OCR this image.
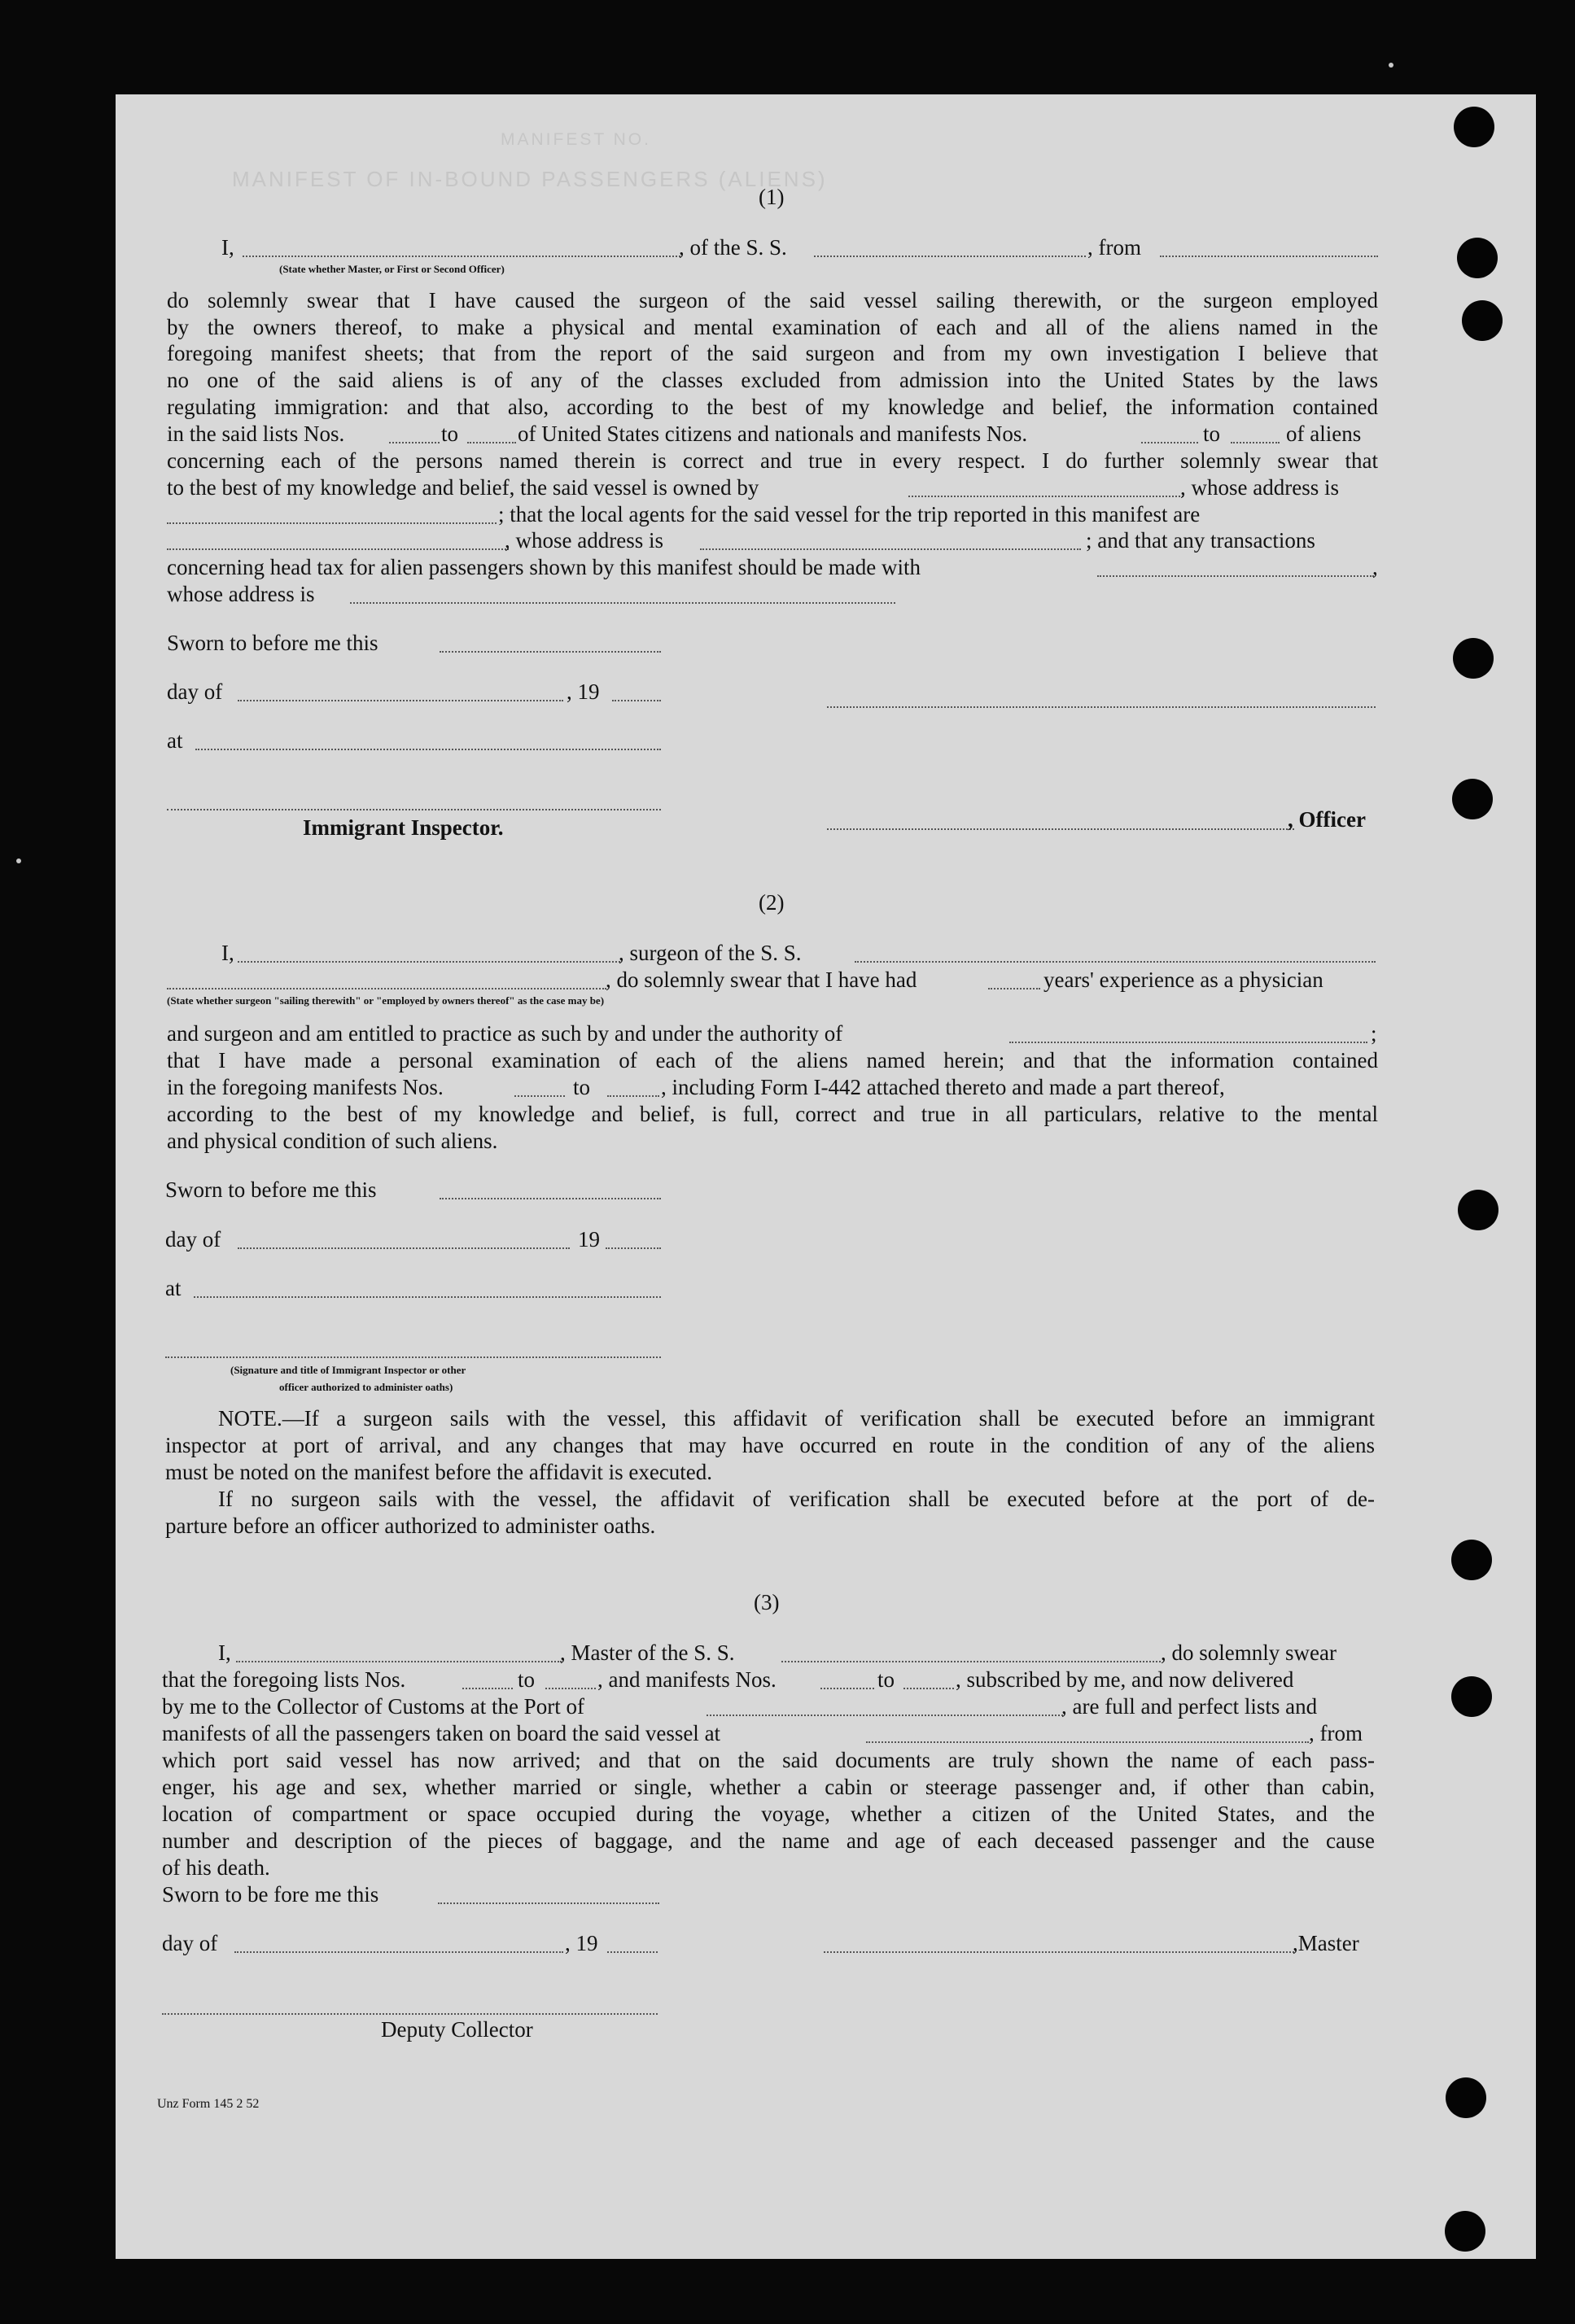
MANIFEST NO.
MANIFEST OF IN-BOUND PASSENGERS (ALIENS)
(1)
I,	, of the S. S.	, from
(State whether Master, or First or Second Officer)
do solemnly swear that I have caused the surgeon of the said vessel sailing therewith, or the surgeon employed
by the owners thereof, to make a physical and mental examination of each and all of the aliens named in the
foregoing manifest sheets; that from the report of the said surgeon and from my own investigation I believe that
no one of the said aliens is of any of the classes excluded from admission into the United States by the laws
regulating immigration: and that also, according to the best of my knowledge and belief, the information contained
in the said lists Nos.	to	of United States citizens and nationals and manifests Nos.	to	of aliens
concerning each of the persons named therein is correct and true in every respect. I do further solemnly swear that
to the best of my knowledge and belief, the said vessel is owned by	, whose address is
; that the local agents for the said vessel for the trip reported in this manifest are
, whose address is	; and that any transactions
concerning head tax for alien passengers shown by this manifest should be made with	,
whose address is
Sworn to before me this
day of	, 19
at
Immigrant Inspector.	, Officer
(2)
I,	, surgeon of the S. S.
, do solemnly swear that I have had	years' experience as a physician
(State whether surgeon "sailing therewith" or "employed by owners thereof" as the case may be)
and surgeon and am entitled to practice as such by and under the authority of	;
that I have made a personal examination of each of the aliens named herein; and that the information contained
in the foregoing manifests Nos.	to	, including Form I-442 attached thereto and made a part thereof,
according to the best of my knowledge and belief, is full, correct and true in all particulars, relative to the mental
and physical condition of such aliens.
Sworn to before me this
day of	19
at
(Signature and title of Immigrant Inspector or other
officer authorized to administer oaths)
NOTE.—If a surgeon sails with the vessel, this affidavit of verification shall be executed before an immigrant
inspector at port of arrival, and any changes that may have occurred en route in the condition of any of the aliens
must be noted on the manifest before the affidavit is executed.
If no surgeon sails with the vessel, the affidavit of verification shall be executed before at the port of de-
parture before an officer authorized to administer oaths.
(3)
I,	, Master of the S. S.	, do solemnly swear
that the foregoing lists Nos.	to	, and manifests Nos.	to	, subscribed by me, and now delivered
by me to the Collector of Customs at the Port of	, are full and perfect lists and
manifests of all the passengers taken on board the said vessel at	, from
which port said vessel has now arrived; and that on the said documents are truly shown the name of each pass-
enger, his age and sex, whether married or single, whether a cabin or steerage passenger and, if other than cabin,
location of compartment or space occupied during the voyage, whether a citizen of the United States, and the
number and description of the pieces of baggage, and the name and age of each deceased passenger and the cause
of his death.
Sworn to be fore me this
day of	, 19	,Master
Deputy Collector
Unz Form 145 2 52
